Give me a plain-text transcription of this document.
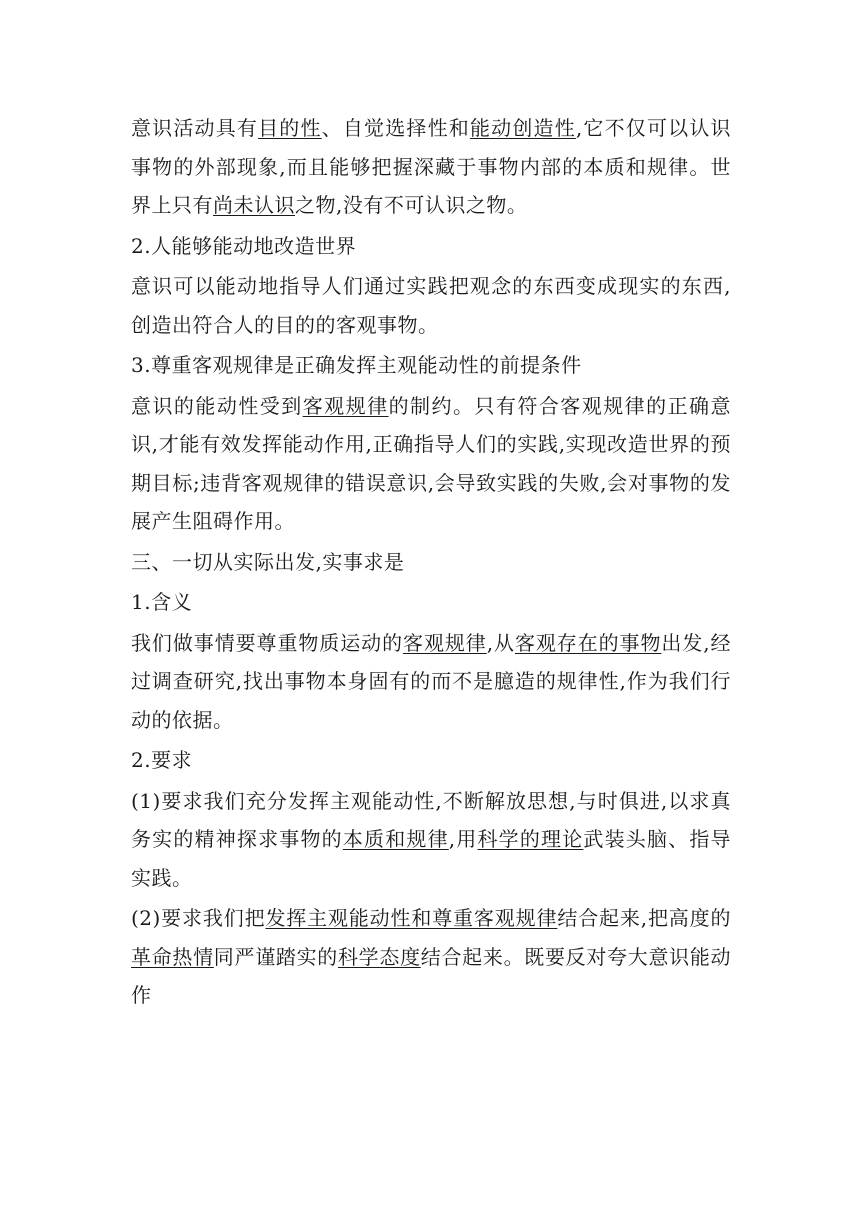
意识活动具有目的性、自觉选择性和能动创造性,它不仅可以认识事物的外部现象,而且能够把握深藏于事物内部的本质和规律。世界上只有尚未认识之物,没有不可认识之物。

2.人能够能动地改造世界

意识可以能动地指导人们通过实践把观念的东西变成现实的东西,创造出符合人的目的的客观事物。

3.尊重客观规律是正确发挥主观能动性的前提条件

意识的能动性受到客观规律的制约。只有符合客观规律的正确意识,才能有效发挥能动作用,正确指导人们的实践,实现改造世界的预期目标;违背客观规律的错误意识,会导致实践的失败,会对事物的发展产生阻碍作用。

三、一切从实际出发,实事求是

1.含义

我们做事情要尊重物质运动的客观规律,从客观存在的事物出发,经过调查研究,找出事物本身固有的而不是臆造的规律性,作为我们行动的依据。

2.要求

(1)要求我们充分发挥主观能动性,不断解放思想,与时俱进,以求真务实的精神探求事物的本质和规律,用科学的理论武装头脑、指导实践。

(2)要求我们把发挥主观能动性和尊重客观规律结合起来,把高度的革命热情同严谨踏实的科学态度结合起来。既要反对夸大意识能动作
